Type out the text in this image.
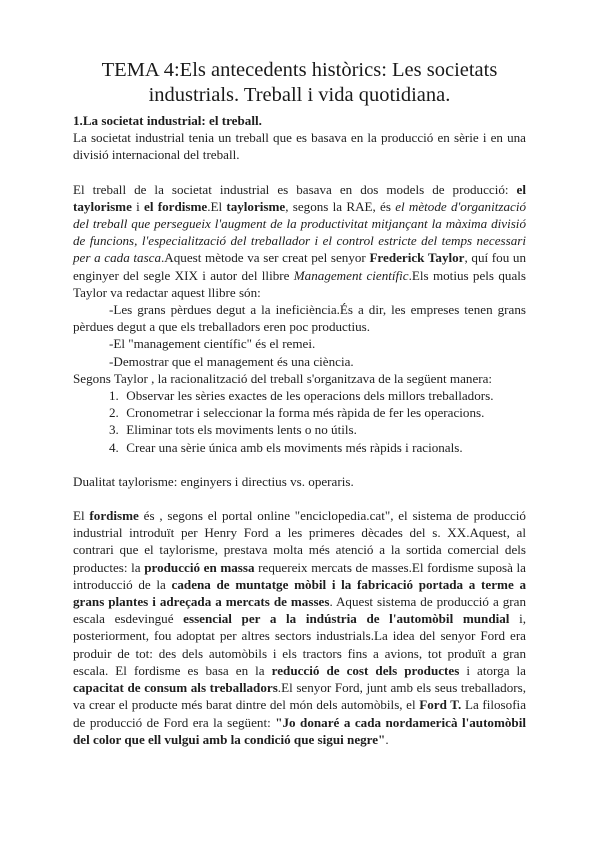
TEMA 4:Els antecedents històrics: Les societats industrials. Treball i vida quotidiana.

1.La societat industrial: el treball.

La societat industrial tenia un treball que es basava en la producció en sèrie i en una divisió internacional del treball.

El treball de la societat industrial es basava en dos models de producció: el taylorisme i el fordisme.El taylorisme, segons la RAE, és el mètode d'organització del treball que persegueix l'augment de la productivitat mitjançant la màxima divisió de funcions, l'especialització del treballador i el control estricte del temps necessari per a cada tasca.Aquest mètode va ser creat pel senyor Frederick Taylor, quí fou un enginyer del segle XIX i autor del llibre Management científic.Els motius pels quals Taylor va redactar aquest llibre són:

-Les grans pèrdues degut a la ineficiència.És a dir, les empreses tenen grans pèrdues degut a que els treballadors eren poc productius.

-El "management científic" és el remei.

-Demostrar que el management és una ciència.

Segons Taylor , la racionalització del treball s'organitzava de la següent manera:

1. Observar les sèries exactes de les operacions dels millors treballadors.
2. Cronometrar i seleccionar la forma més ràpida de fer les operacions.
3. Eliminar tots els moviments lents o no útils.
4. Crear una sèrie única amb els moviments més ràpids i racionals.

Dualitat taylorisme: enginyers i directius vs. operaris.

El fordisme és , segons el portal online "enciclopedia.cat", el sistema de producció industrial introduït per Henry Ford a les primeres dècades del s. XX.Aquest, al contrari que el taylorisme, prestava molta més atenció a la sortida comercial dels productes: la producció en massa requereix mercats de masses.El fordisme suposà la introducció de la cadena de muntatge mòbil i la fabricació portada a terme a grans plantes i adreçada a mercats de masses. Aquest sistema de producció a gran escala esdevingué essencial per a la indústria de l'automòbil mundial i, posteriorment, fou adoptat per altres sectors industrials.La idea del senyor Ford era produir de tot: des dels automòbils i els tractors fins a avions, tot produït a gran escala. El fordisme es basa en la reducció de cost dels productes i atorga la capacitat de consum als treballadors.El senyor Ford, junt amb els seus treballadors, va crear el producte més barat dintre del món dels automòbils, el Ford T. La filosofia de producció de Ford era la següent: "Jo donaré a cada nordamericà l'automòbil del color que ell vulgui amb la condició que sigui negre".
